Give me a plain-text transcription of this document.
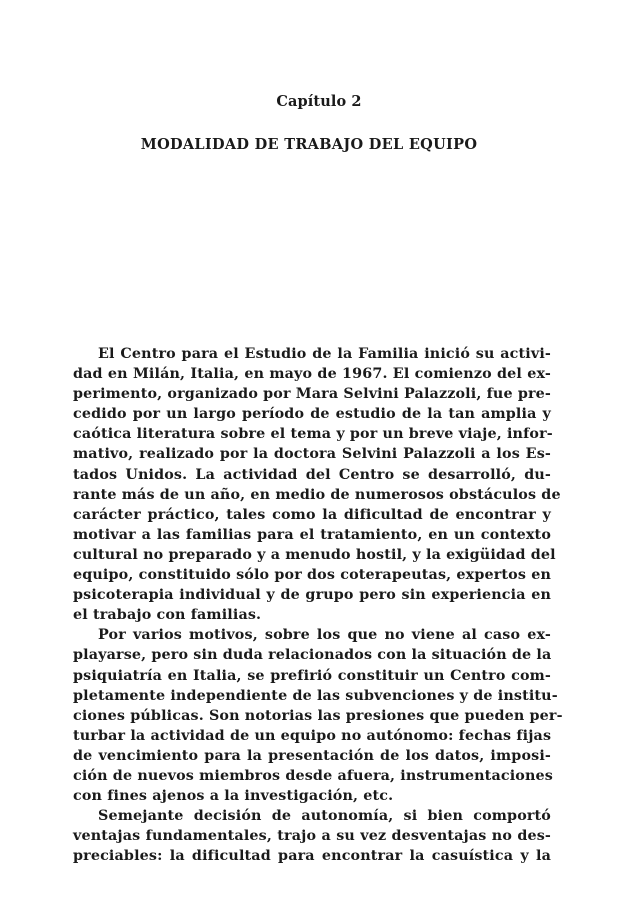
Capítulo 2
MODALIDAD DE TRABAJO DEL EQUIPO
El Centro para el Estudio de la Familia inició su activi-
dad en Milán, Italia, en mayo de 1967. El comienzo del ex-
perimento, organizado por Mara Selvini Palazzoli, fue pre-
cedido por un largo período de estudio de la tan amplia y
caótica literatura sobre el tema y por un breve viaje, infor-
mativo, realizado por la doctora Selvini Palazzoli a los Es-
tados Unidos. La actividad del Centro se desarrolló, du-
rante más de un año, en medio de numerosos obstáculos de
carácter práctico, tales como la dificultad de encontrar y
motivar a las familias para el tratamiento, en un contexto
cultural no preparado y a menudo hostil, y la exigüidad del
equipo, constituido sólo por dos coterapeutas, expertos en
psicoterapia individual y de grupo pero sin experiencia en
el trabajo con familias.
Por varios motivos, sobre los que no viene al caso ex-
playarse, pero sin duda relacionados con la situación de la
psiquiatría en Italia, se prefirió constituir un Centro com-
pletamente independiente de las subvenciones y de institu-
ciones públicas. Son notorias las presiones que pueden per-
turbar la actividad de un equipo no autónomo: fechas fijas
de vencimiento para la presentación de los datos, imposi-
ción de nuevos miembros desde afuera, instrumentaciones
con fines ajenos a la investigación, etc.
Semejante decisión de autonomía, si bien comportó
ventajas fundamentales, trajo a su vez desventajas no des-
preciables: la dificultad para encontrar la casuística y la
